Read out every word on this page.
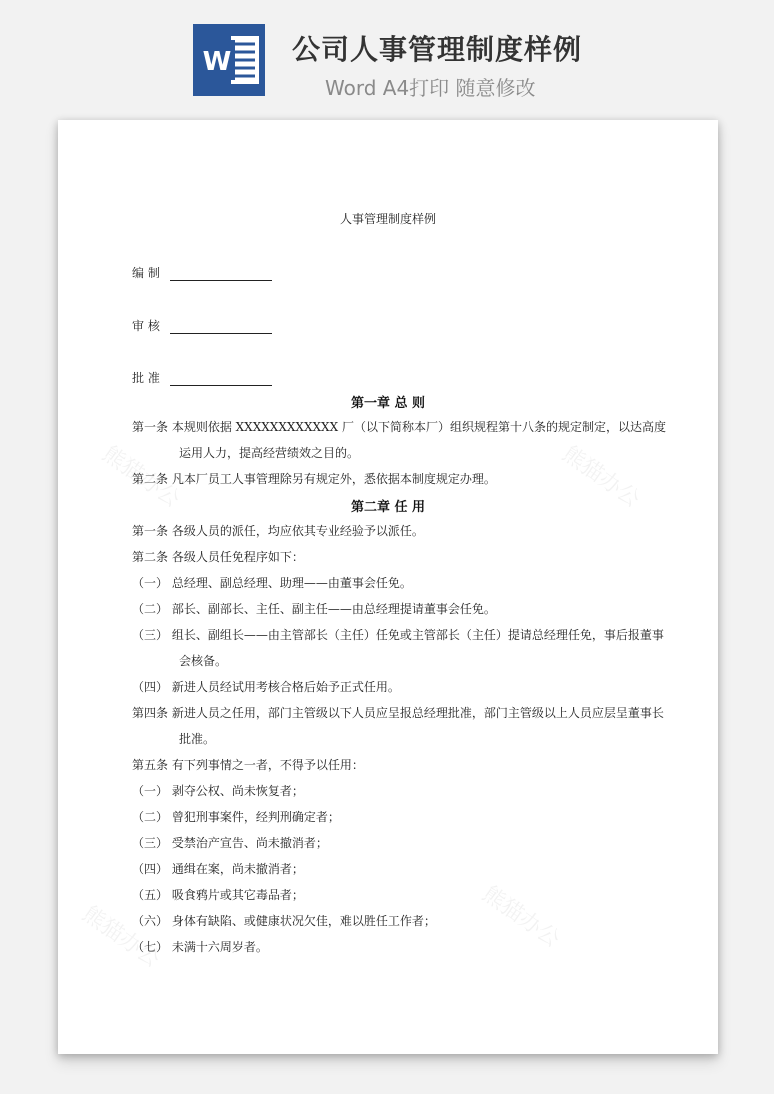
W 公司人事管理制度样例
Word A4打印 随意修改
熊猫办公	熊猫办公
熊猫办公	熊猫办公
人事管理制度样例
编 制
审 核
批 准
第一章 总 则
第一条 本规则依据 XXXXXXXXXXXX 厂（以下简称本厂）组织规程第十八条的规定制定，以达高度
运用人力，提高经营绩效之目的。
第二条 凡本厂员工人事管理除另有规定外，悉依据本制度规定办理。
第二章 任 用
第一条 各级人员的派任，均应依其专业经验予以派任。
第二条 各级人员任免程序如下：
（一） 总经理、副总经理、助理——由董事会任免。
（二） 部长、副部长、主任、副主任——由总经理提请董事会任免。
（三） 组长、副组长——由主管部长（主任）任免或主管部长（主任）提请总经理任免，事后报董事
会核备。
（四） 新进人员经试用考核合格后始予正式任用。
第四条 新进人员之任用，部门主管级以下人员应呈报总经理批准，部门主管级以上人员应层呈董事长
批准。
第五条 有下列事情之一者，不得予以任用：
（一） 剥夺公权、尚未恢复者；
（二） 曾犯刑事案件，经判刑确定者；
（三） 受禁治产宣告、尚未撤消者；
（四） 通缉在案，尚未撤消者；
（五） 吸食鸦片或其它毒品者；
（六） 身体有缺陷、或健康状况欠佳，难以胜任工作者；
（七） 未满十六周岁者。
